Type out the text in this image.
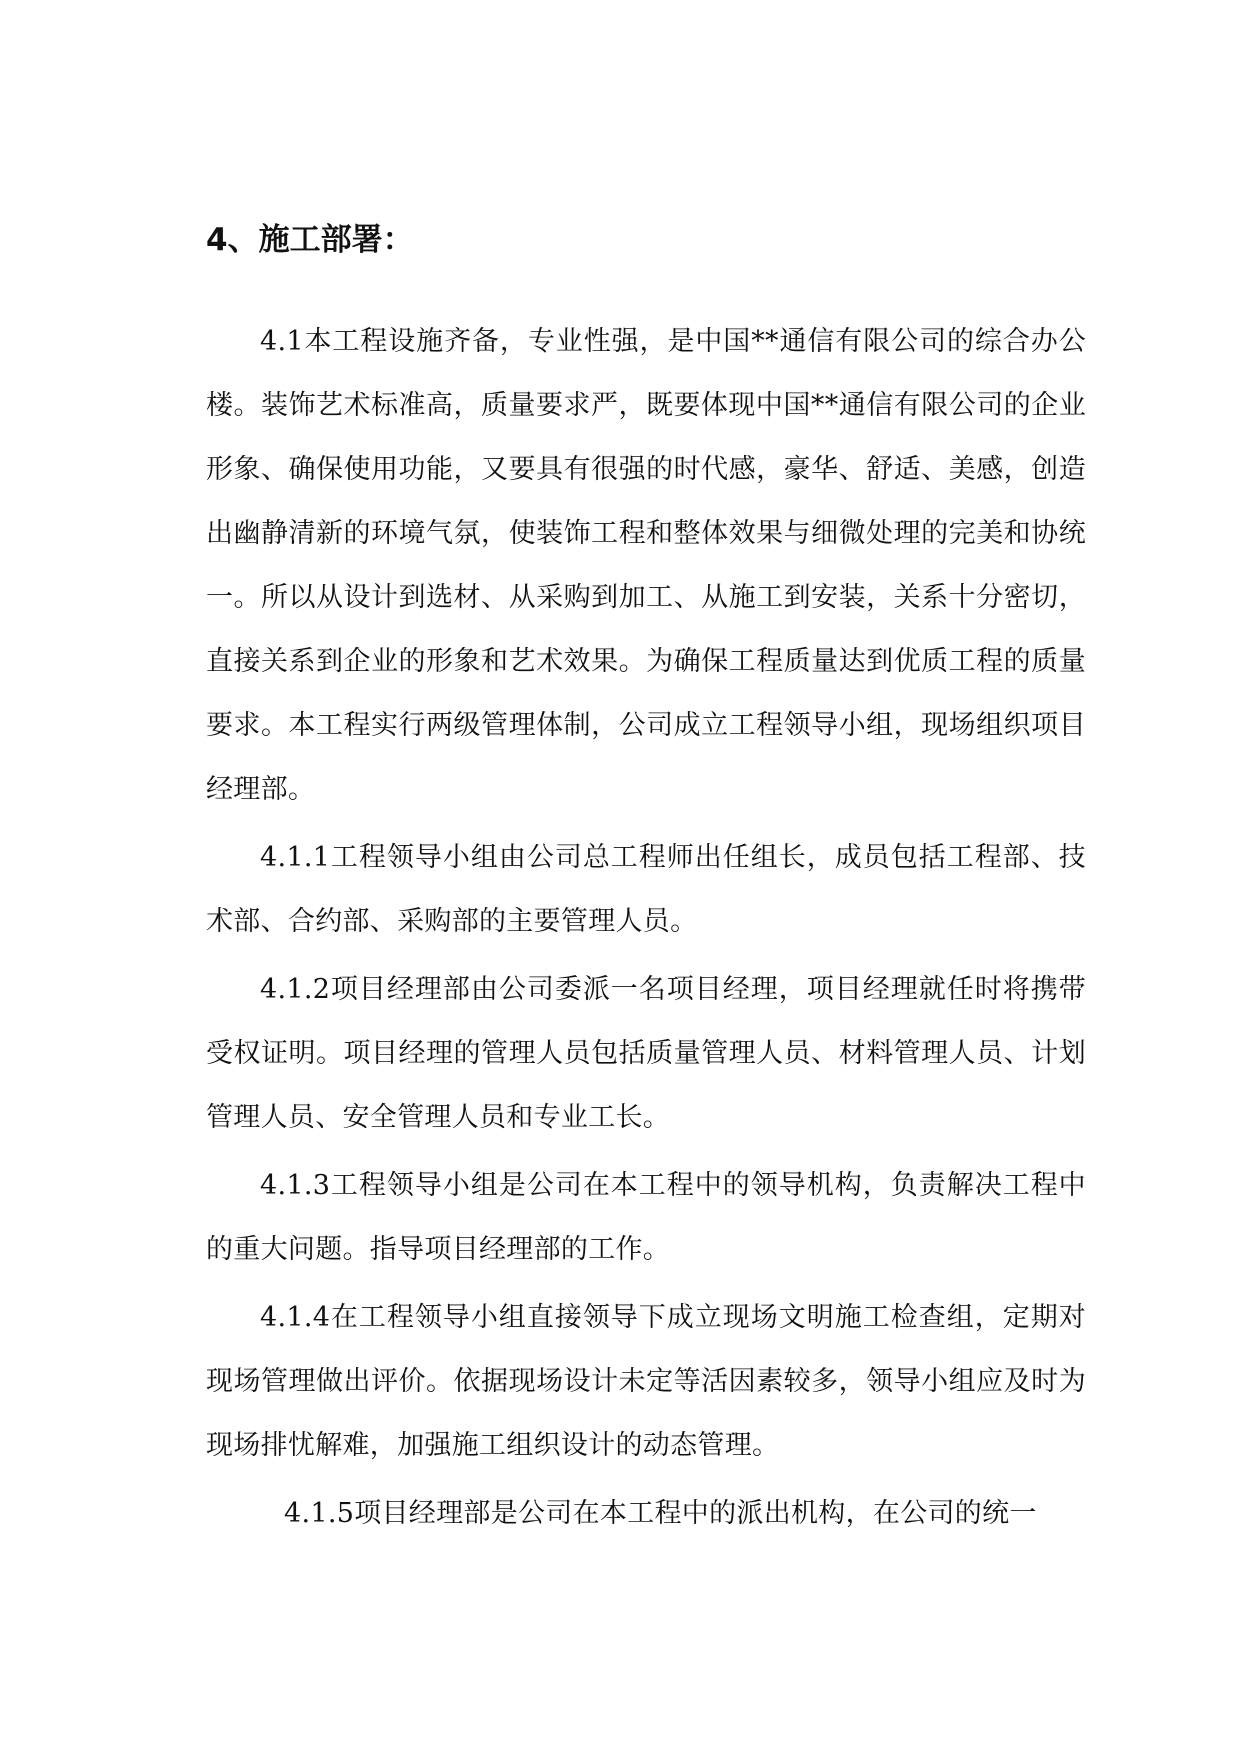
4、施工部署：

4.1本工程设施齐备，专业性强，是中国**通信有限公司的综合办公楼。装饰艺术标准高，质量要求严，既要体现中国**通信有限公司的企业形象、确保使用功能，又要具有很强的时代感，豪华、舒适、美感，创造出幽静清新的环境气氛，使装饰工程和整体效果与细微处理的完美和协统一。所以从设计到选材、从采购到加工、从施工到安装，关系十分密切，直接关系到企业的形象和艺术效果。为确保工程质量达到优质工程的质量要求。本工程实行两级管理体制，公司成立工程领导小组，现场组织项目经理部。

4.1.1工程领导小组由公司总工程师出任组长，成员包括工程部、技术部、合约部、采购部的主要管理人员。

4.1.2项目经理部由公司委派一名项目经理，项目经理就任时将携带受权证明。项目经理的管理人员包括质量管理人员、材料管理人员、计划管理人员、安全管理人员和专业工长。

4.1.3工程领导小组是公司在本工程中的领导机构，负责解决工程中的重大问题。指导项目经理部的工作。

4.1.4在工程领导小组直接领导下成立现场文明施工检查组，定期对现场管理做出评价。依据现场设计未定等活因素较多，领导小组应及时为现场排忧解难，加强施工组织设计的动态管理。

4.1.5项目经理部是公司在本工程中的派出机构，在公司的统一
